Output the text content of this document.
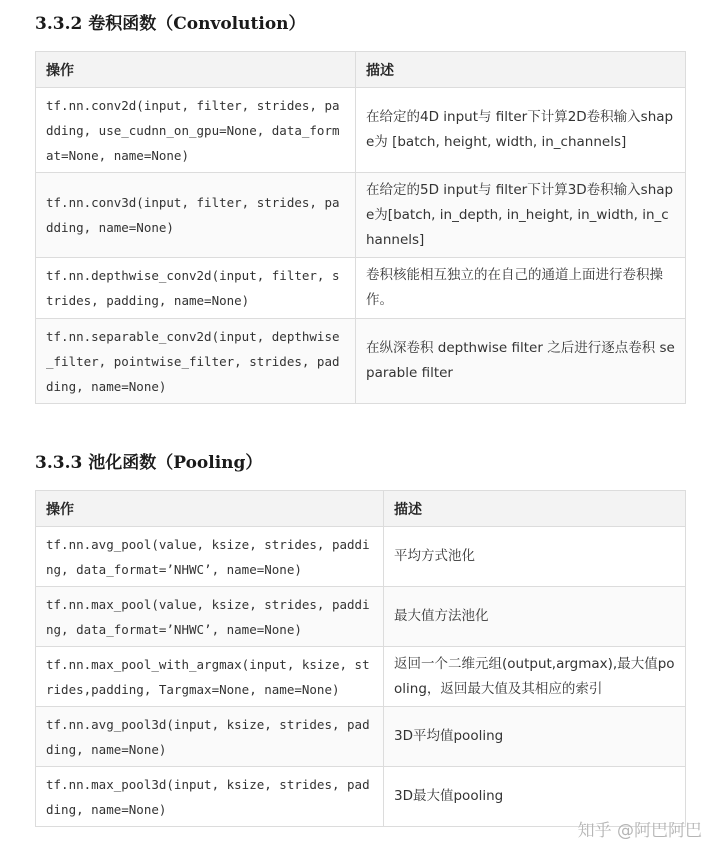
3.3.2 卷积函数（Convolution）
操作	描述
tf.nn.conv2d(input, filter, strides, padding, use_cudnn_on_gpu=None, data_format=None, name=None)	在给定的4D input与 filter下计算2D卷积输入shape为 [batch, height, width, in_channels]
tf.nn.conv3d(input, filter, strides, padding, name=None)	在给定的5D input与 filter下计算3D卷积输入shape为[batch, in_depth, in_height, in_width, in_channels]
tf.nn.depthwise_conv2d(input, filter, strides, padding, name=None)	卷积核能相互独立的在自己的通道上面进行卷积操作。
tf.nn.separable_conv2d(input, depthwise_filter, pointwise_filter, strides, padding, name=None)	在纵深卷积 depthwise filter 之后进行逐点卷积 separable filter
3.3.3 池化函数（Pooling）
操作	描述
tf.nn.avg_pool(value, ksize, strides, padding, data_format=’NHWC’, name=None)	平均方式池化
tf.nn.max_pool(value, ksize, strides, padding, data_format=’NHWC’, name=None)	最大值方法池化
tf.nn.max_pool_with_argmax(input, ksize, strides,padding, Targmax=None, name=None)	返回一个二维元组(output,argmax),最大值pooling，返回最大值及其相应的索引
tf.nn.avg_pool3d(input, ksize, strides, padding, name=None)	3D平均值pooling
tf.nn.max_pool3d(input, ksize, strides, padding, name=None)	3D最大值pooling
知乎 @阿巴阿巴
